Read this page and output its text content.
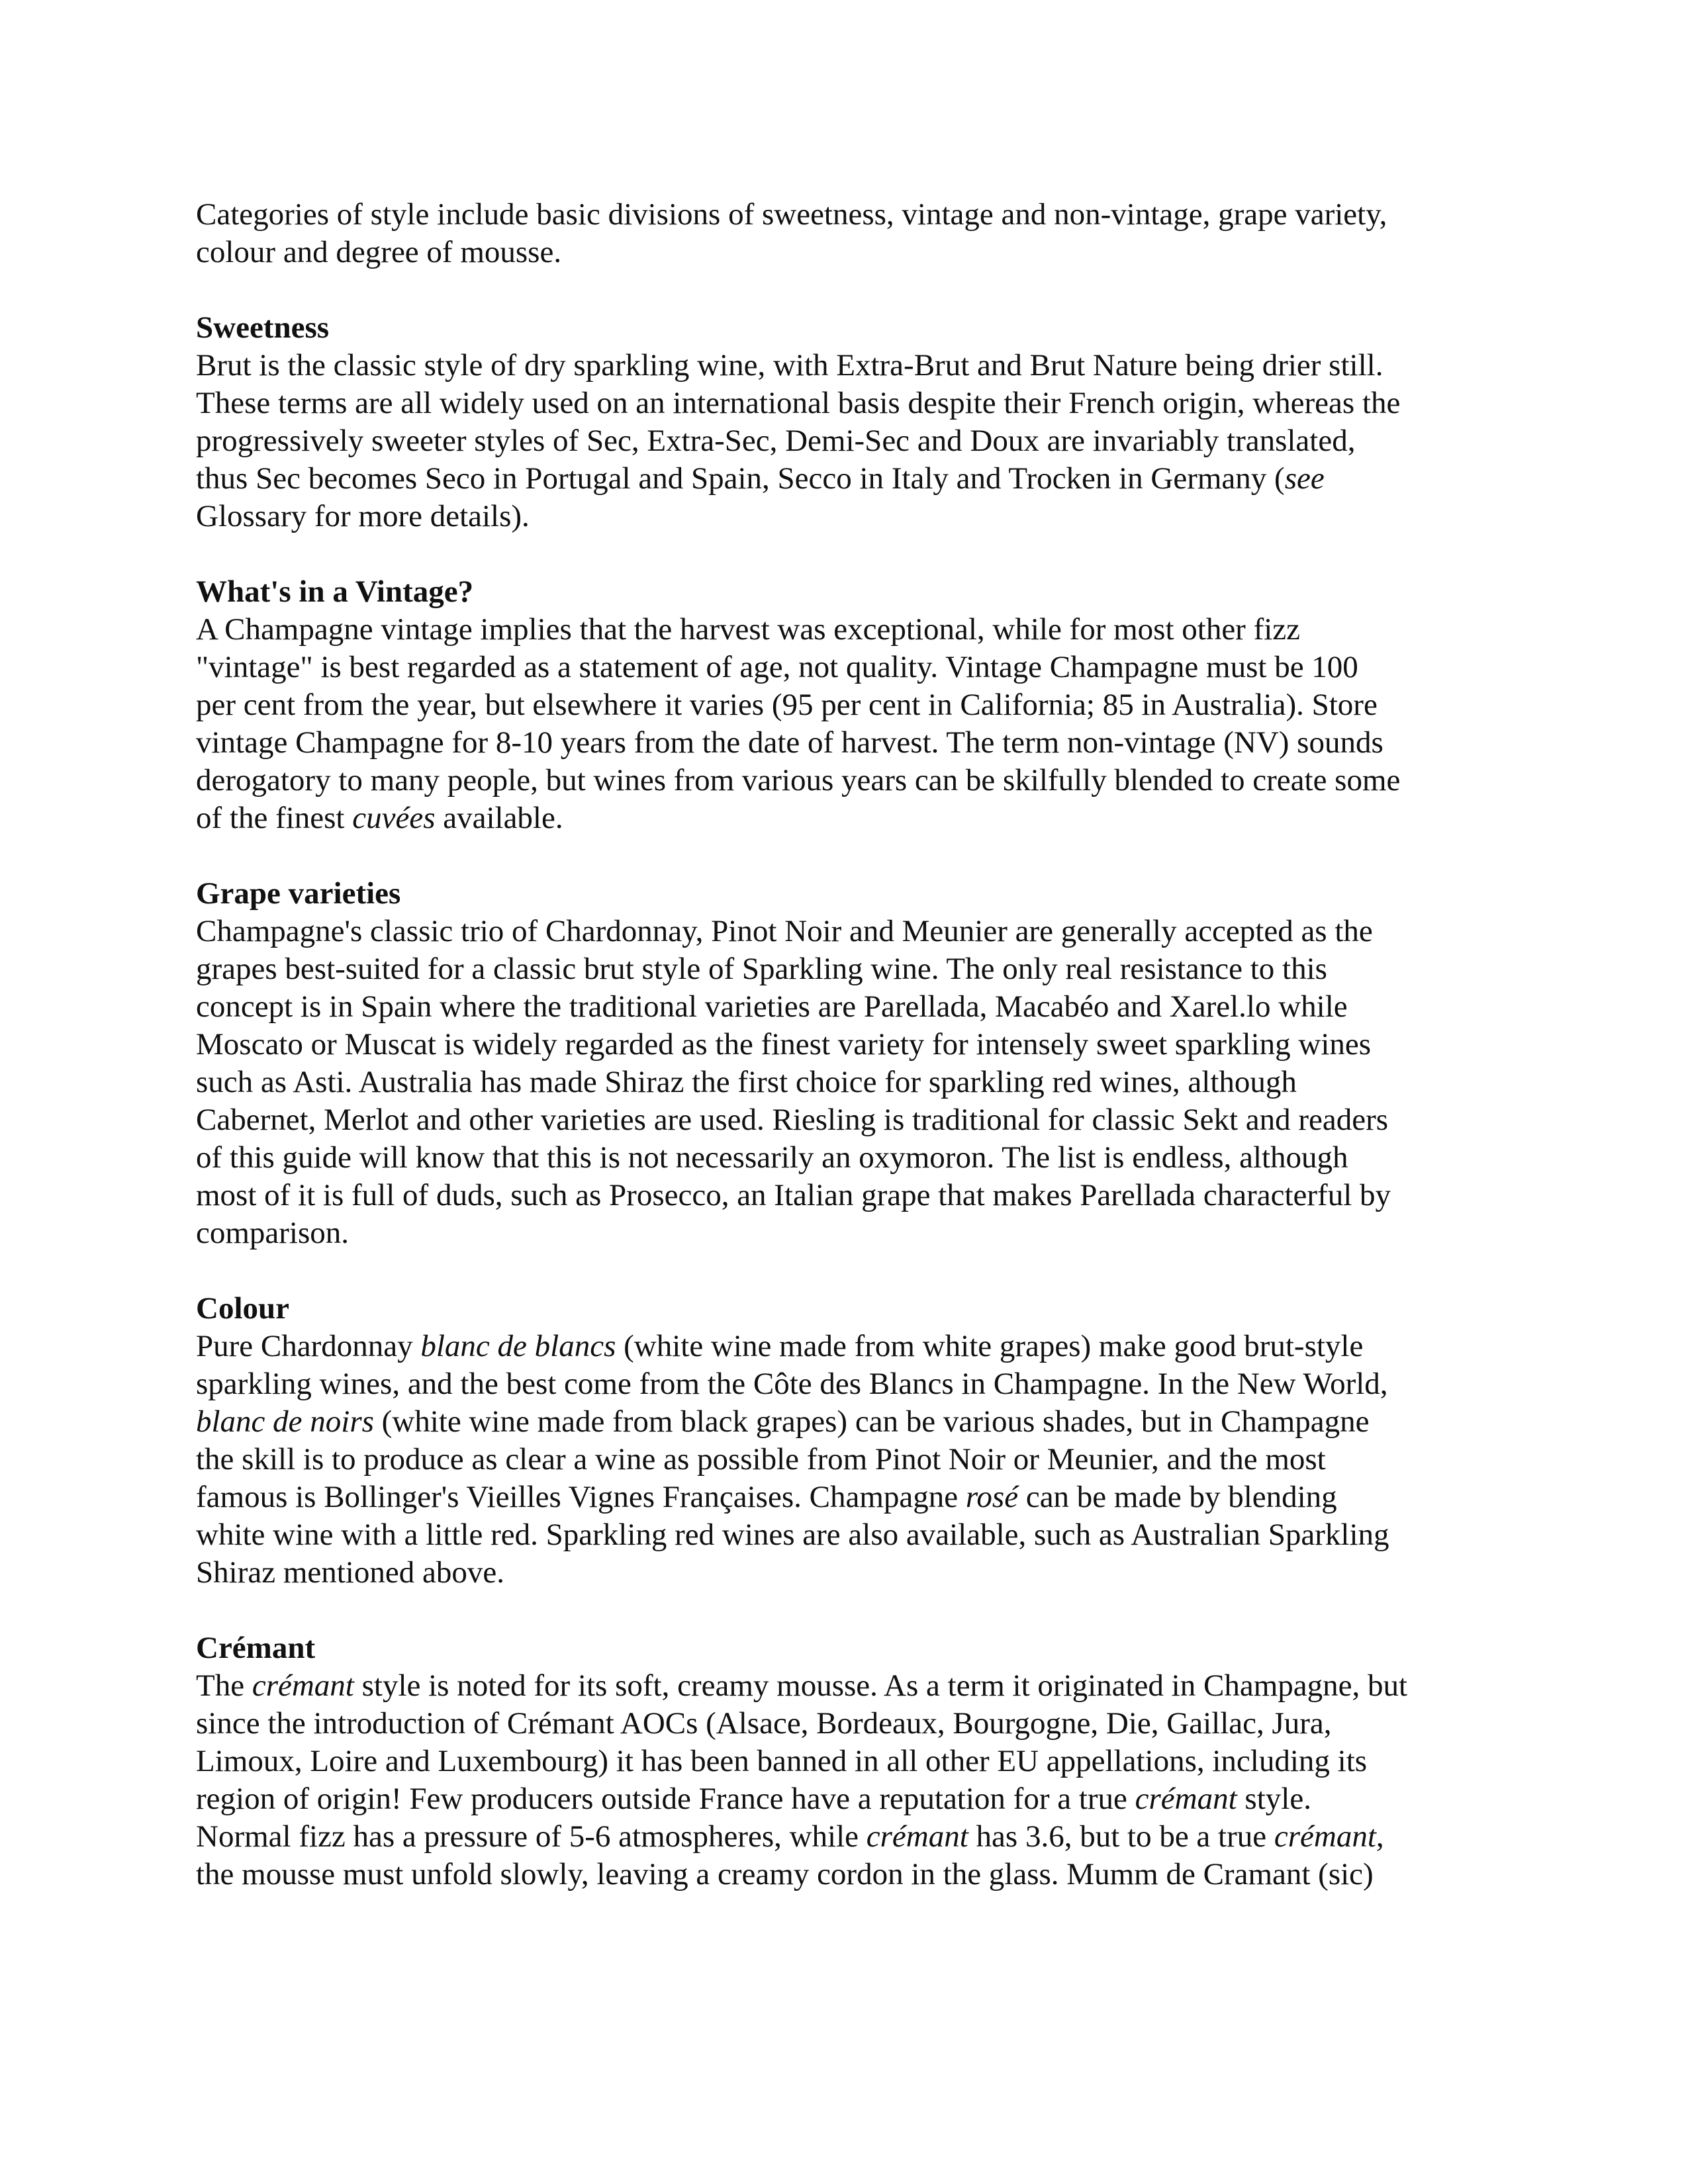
Categories of style include basic divisions of sweetness, vintage and non-vintage, grape variety,
colour and degree of mousse.
Sweetness
Brut is the classic style of dry sparkling wine, with Extra-Brut and Brut Nature being drier still.
These terms are all widely used on an international basis despite their French origin, whereas the
progressively sweeter styles of Sec, Extra-Sec, Demi-Sec and Doux are invariably translated,
thus Sec becomes Seco in Portugal and Spain, Secco in Italy and Trocken in Germany (see
Glossary for more details).
What's in a Vintage?
A Champagne vintage implies that the harvest was exceptional, while for most other fizz
"vintage" is best regarded as a statement of age, not quality. Vintage Champagne must be 100
per cent from the year, but elsewhere it varies (95 per cent in California; 85 in Australia). Store
vintage Champagne for 8-10 years from the date of harvest. The term non-vintage (NV) sounds
derogatory to many people, but wines from various years can be skilfully blended to create some
of the finest cuvées available.
Grape varieties
Champagne's classic trio of Chardonnay, Pinot Noir and Meunier are generally accepted as the
grapes best-suited for a classic brut style of Sparkling wine. The only real resistance to this
concept is in Spain where the traditional varieties are Parellada, Macabéo and Xarel.lo while
Moscato or Muscat is widely regarded as the finest variety for intensely sweet sparkling wines
such as Asti. Australia has made Shiraz the first choice for sparkling red wines, although
Cabernet, Merlot and other varieties are used. Riesling is traditional for classic Sekt and readers
of this guide will know that this is not necessarily an oxymoron. The list is endless, although
most of it is full of duds, such as Prosecco, an Italian grape that makes Parellada characterful by
comparison.
Colour
Pure Chardonnay blanc de blancs (white wine made from white grapes) make good brut-style
sparkling wines, and the best come from the Côte des Blancs in Champagne. In the New World,
blanc de noirs (white wine made from black grapes) can be various shades, but in Champagne
the skill is to produce as clear a wine as possible from Pinot Noir or Meunier, and the most
famous is Bollinger's Vieilles Vignes Françaises. Champagne rosé can be made by blending
white wine with a little red. Sparkling red wines are also available, such as Australian Sparkling
Shiraz mentioned above.
Crémant
The crémant style is noted for its soft, creamy mousse. As a term it originated in Champagne, but
since the introduction of Crémant AOCs (Alsace, Bordeaux, Bourgogne, Die, Gaillac, Jura,
Limoux, Loire and Luxembourg) it has been banned in all other EU appellations, including its
region of origin! Few producers outside France have a reputation for a true crémant style.
Normal fizz has a pressure of 5-6 atmospheres, while crémant has 3.6, but to be a true crémant,
the mousse must unfold slowly, leaving a creamy cordon in the glass. Mumm de Cramant (sic)
